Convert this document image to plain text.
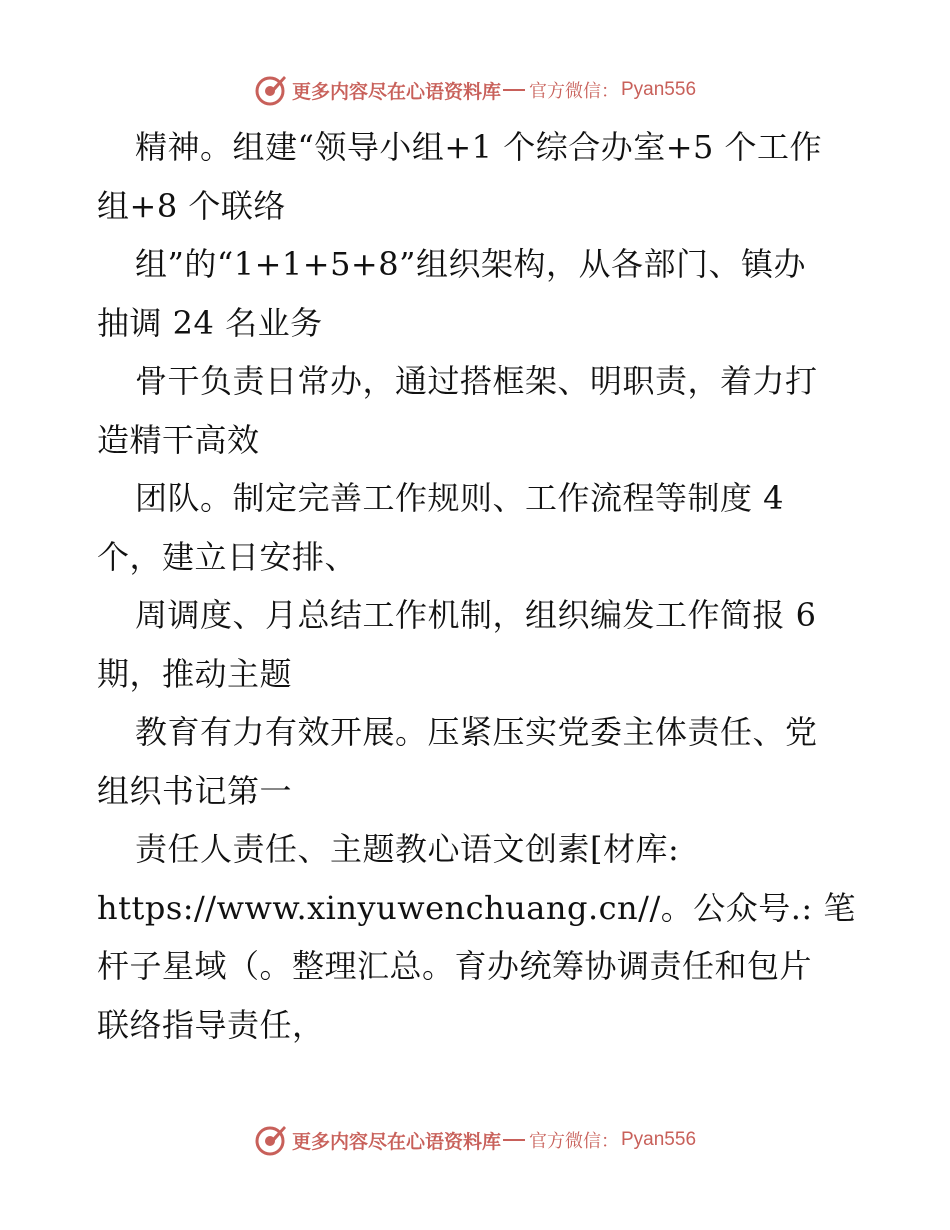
更多内容尽在心语资料库 官方微信： Pyan556
精神。组建“领导小组+1 个综合办室+5 个工作
组+8 个联络
组”的“1+1+5+8”组织架构，从各部门、镇办
抽调 24 名业务
骨干负责日常办，通过搭框架、明职责，着力打
造精干高效
团队。制定完善工作规则、工作流程等制度 4
个，建立日安排、
周调度、月总结工作机制，组织编发工作简报 6
期，推动主题
教育有力有效开展。压紧压实党委主体责任、党
组织书记第一
责任人责任、主题教心语文创素[材库:
https://www.xinyuwenchuang.cn//。公众号.: 笔
杆子星域（。整理汇总。育办统筹协调责任和包片
联络指导责任，
更多内容尽在心语资料库 官方微信： Pyan556
